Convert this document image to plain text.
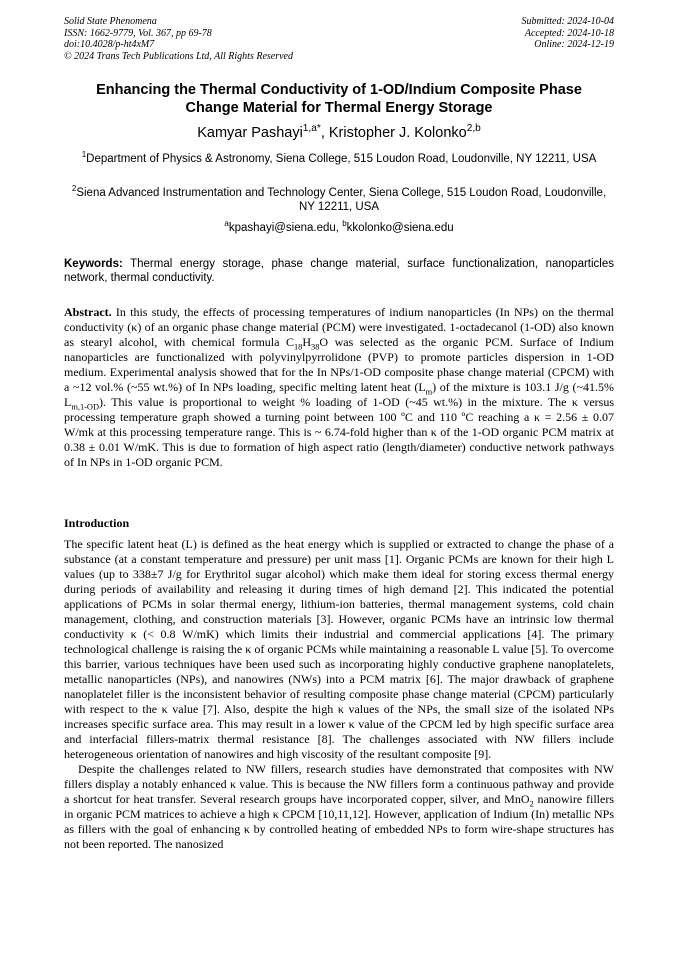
Solid State Phenomena
ISSN: 1662-9779, Vol. 367, pp 69-78
doi:10.4028/p-ht4xM7
© 2024 Trans Tech Publications Ltd, All Rights Reserved
Submitted: 2024-10-04
Accepted: 2024-10-18
Online: 2024-12-19
Enhancing the Thermal Conductivity of 1-OD/Indium Composite Phase
Change Material for Thermal Energy Storage
Kamyar Pashayi$^{1,a*}$, Kristopher J. Kolonko$^{2,b}$
$^1$Department of Physics & Astronomy, Siena College, 515 Loudon Road, Loudonville, NY 12211, USA
$^2$Siena Advanced Instrumentation and Technology Center, Siena College, 515 Loudon Road, Loudonville, NY 12211, USA
$^a$kpashayi@siena.edu, $^b$kkolonko@siena.edu
Keywords: Thermal energy storage, phase change material, surface functionalization, nanoparticles network, thermal conductivity.
Abstract. In this study, the effects of processing temperatures of indium nanoparticles (In NPs) on the thermal conductivity (κ) of an organic phase change material (PCM) were investigated. 1-octadecanol (1-OD) also known as stearyl alcohol, with chemical formula $C_{18}H_{38}O$ was selected as the organic PCM. Surface of Indium nanoparticles are functionalized with polyvinylpyrrolidone (PVP) to promote particles dispersion in 1-OD medium. Experimental analysis showed that for the In NPs/1-OD composite phase change material (CPCM) with a ~12 vol.% (~55 wt.%) of In NPs loading, specific melting latent heat $(L_m)$ of the mixture is 103.1 J/g (~41.5% $L_{m,1-OD}$). This value is proportional to weight % loading of 1-OD (~45 wt.%) in the mixture. The κ versus processing temperature graph showed a turning point between 100 ºC and 110 ºC reaching a κ = 2.56 ± 0.07 W/mk at this processing temperature range. This is ~ 6.74-fold higher than κ of the 1-OD organic PCM matrix at 0.38 ± 0.01 W/mK. This is due to formation of high aspect ratio (length/diameter) conductive network pathways of In NPs in 1-OD organic PCM.
Introduction

The specific latent heat (L) is defined as the heat energy which is supplied or extracted to change the phase of a substance (at a constant temperature and pressure) per unit mass [1]. Organic PCMs are known for their high L values (up to 338±7 J/g for Erythritol sugar alcohol) which make them ideal for storing excess thermal energy during periods of availability and releasing it during times of high demand [2]. This indicated the potential applications of PCMs in solar thermal energy, lithium-ion batteries, thermal management systems, cold chain management, clothing, and construction materials [3]. However, organic PCMs have an intrinsic low thermal conductivity κ (< 0.8 W/mK) which limits their industrial and commercial applications [4]. The primary technological challenge is raising the κ of organic PCMs while maintaining a reasonable L value [5]. To overcome this barrier, various techniques have been used such as incorporating highly conductive graphene nanoplatelets, metallic nanoparticles (NPs), and nanowires (NWs) into a PCM matrix [6]. The major drawback of graphene nanoplatelet filler is the inconsistent behavior of resulting composite phase change material (CPCM) particularly with respect to the κ value [7]. Also, despite the high κ values of the NPs, the small size of the isolated NPs increases specific surface area. This may result in a lower κ value of the CPCM led by high specific surface area and interfacial fillers-matrix thermal resistance [8]. The challenges associated with NW fillers include heterogeneous orientation of nanowires and high viscosity of the resultant composite [9].

Despite the challenges related to NW fillers, research studies have demonstrated that composites with NW fillers display a notably enhanced κ value. This is because the NW fillers form a continuous pathway and provide a shortcut for heat transfer. Several research groups have incorporated copper, silver, and MnO$_2$ nanowire fillers in organic PCM matrices to achieve a high κ CPCM [10,11,12]. However, application of Indium (In) metallic NPs as fillers with the goal of enhancing κ by controlled heating of embedded NPs to form wire-shape structures has not been reported. The nanosized
